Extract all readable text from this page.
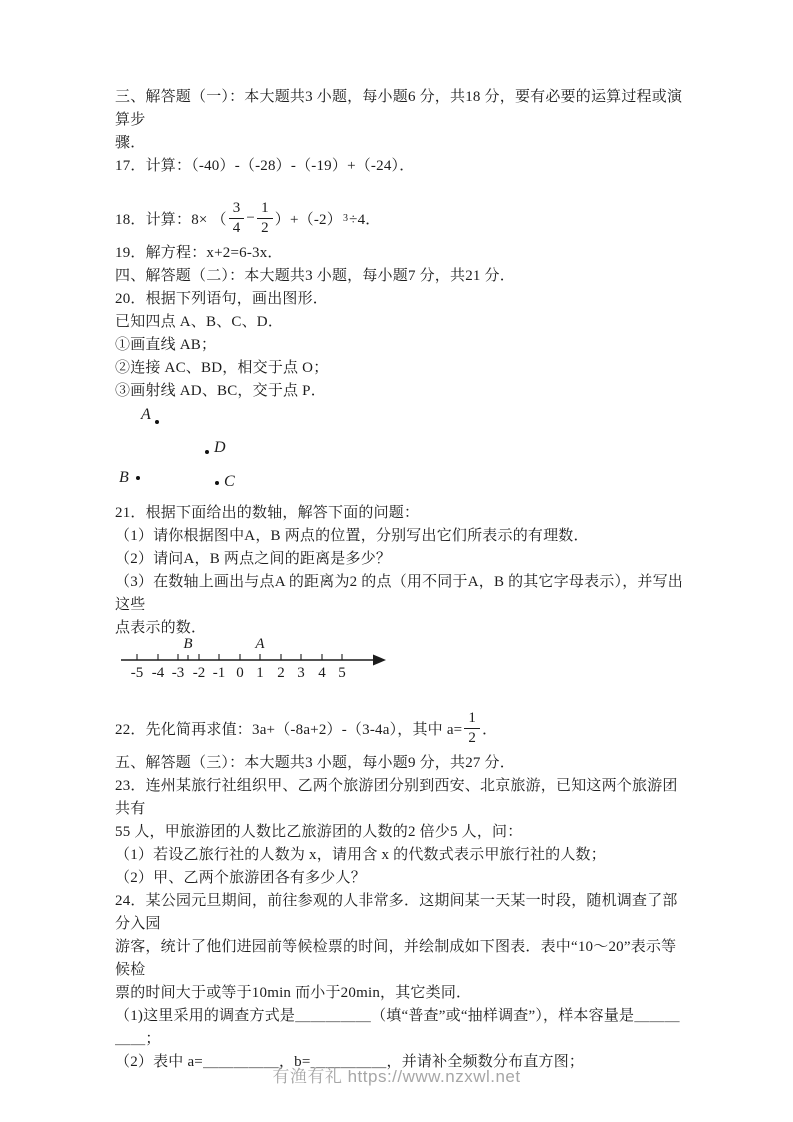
三、解答题（一）：本大题共3 小题，每小题6 分，共18 分，要有必要的运算过程或演算步

骤．

17．计算：（-40）-（-28）-（-19）+（-24）．

18．计算：8× （ $\frac{3}{4} - \frac{1}{2} )+(-2)$ 3 ÷4．

19．解方程：x+2=6-3x．

四、解答题（二）：本大题共3 小题，每小题7 分，共21 分．

20．根据下列语句，画出图形．

已知四点 A、B、C、D．

①画直线 AB；

②连接 AC、BD，相交于点 O；

③画射线 AD、BC，交于点 P．

A
D
B	C

21．根据下面给出的数轴，解答下面的问题：

（1）请你根据图中A，B 两点的位置，分别写出它们所表示的有理数．

（2）请问A，B 两点之间的距离是多少？

（3）在数轴上画出与点A 的距离为2 的点（用不同于A，B 的其它字母表示），并写出这些

点表示的数．

-5 -4 -3 -2 -1 0 1 2 3 4 5
B	A
22．先化简再求值：3a+（-8a+2）-（3-4a），其中 $a= \frac{1}{2}$ ．

五、解答题（三）：本大题共3 小题，每小题9 分，共27 分．

23．连州某旅行社组织甲、乙两个旅游团分别到西安、北京旅游，已知这两个旅游团共有

55 人，甲旅游团的人数比乙旅游团的人数的2 倍少5 人，问：

（1）若设乙旅行社的人数为 x，请用含 x 的代数式表示甲旅行社的人数；

（2）甲、乙两个旅游团各有多少人？

24．某公园元旦期间，前往参观的人非常多．这期间某一天某一时段，随机调查了部分入园

游客，统计了他们进园前等候检票的时间，并绘制成如下图表．表中“10～20”表示等候检

票的时间大于或等于10min 而小于20min，其它类同．

（1)这里采用的调查方式是＿＿＿＿＿（填“普查”或“抽样调查”），样本容量是＿＿＿＿＿；

（2）表中 a=＿＿＿＿＿，b=＿＿＿＿＿，并请补全频数分布直方图；

有渔有礼 https://www.nzxwl.net
